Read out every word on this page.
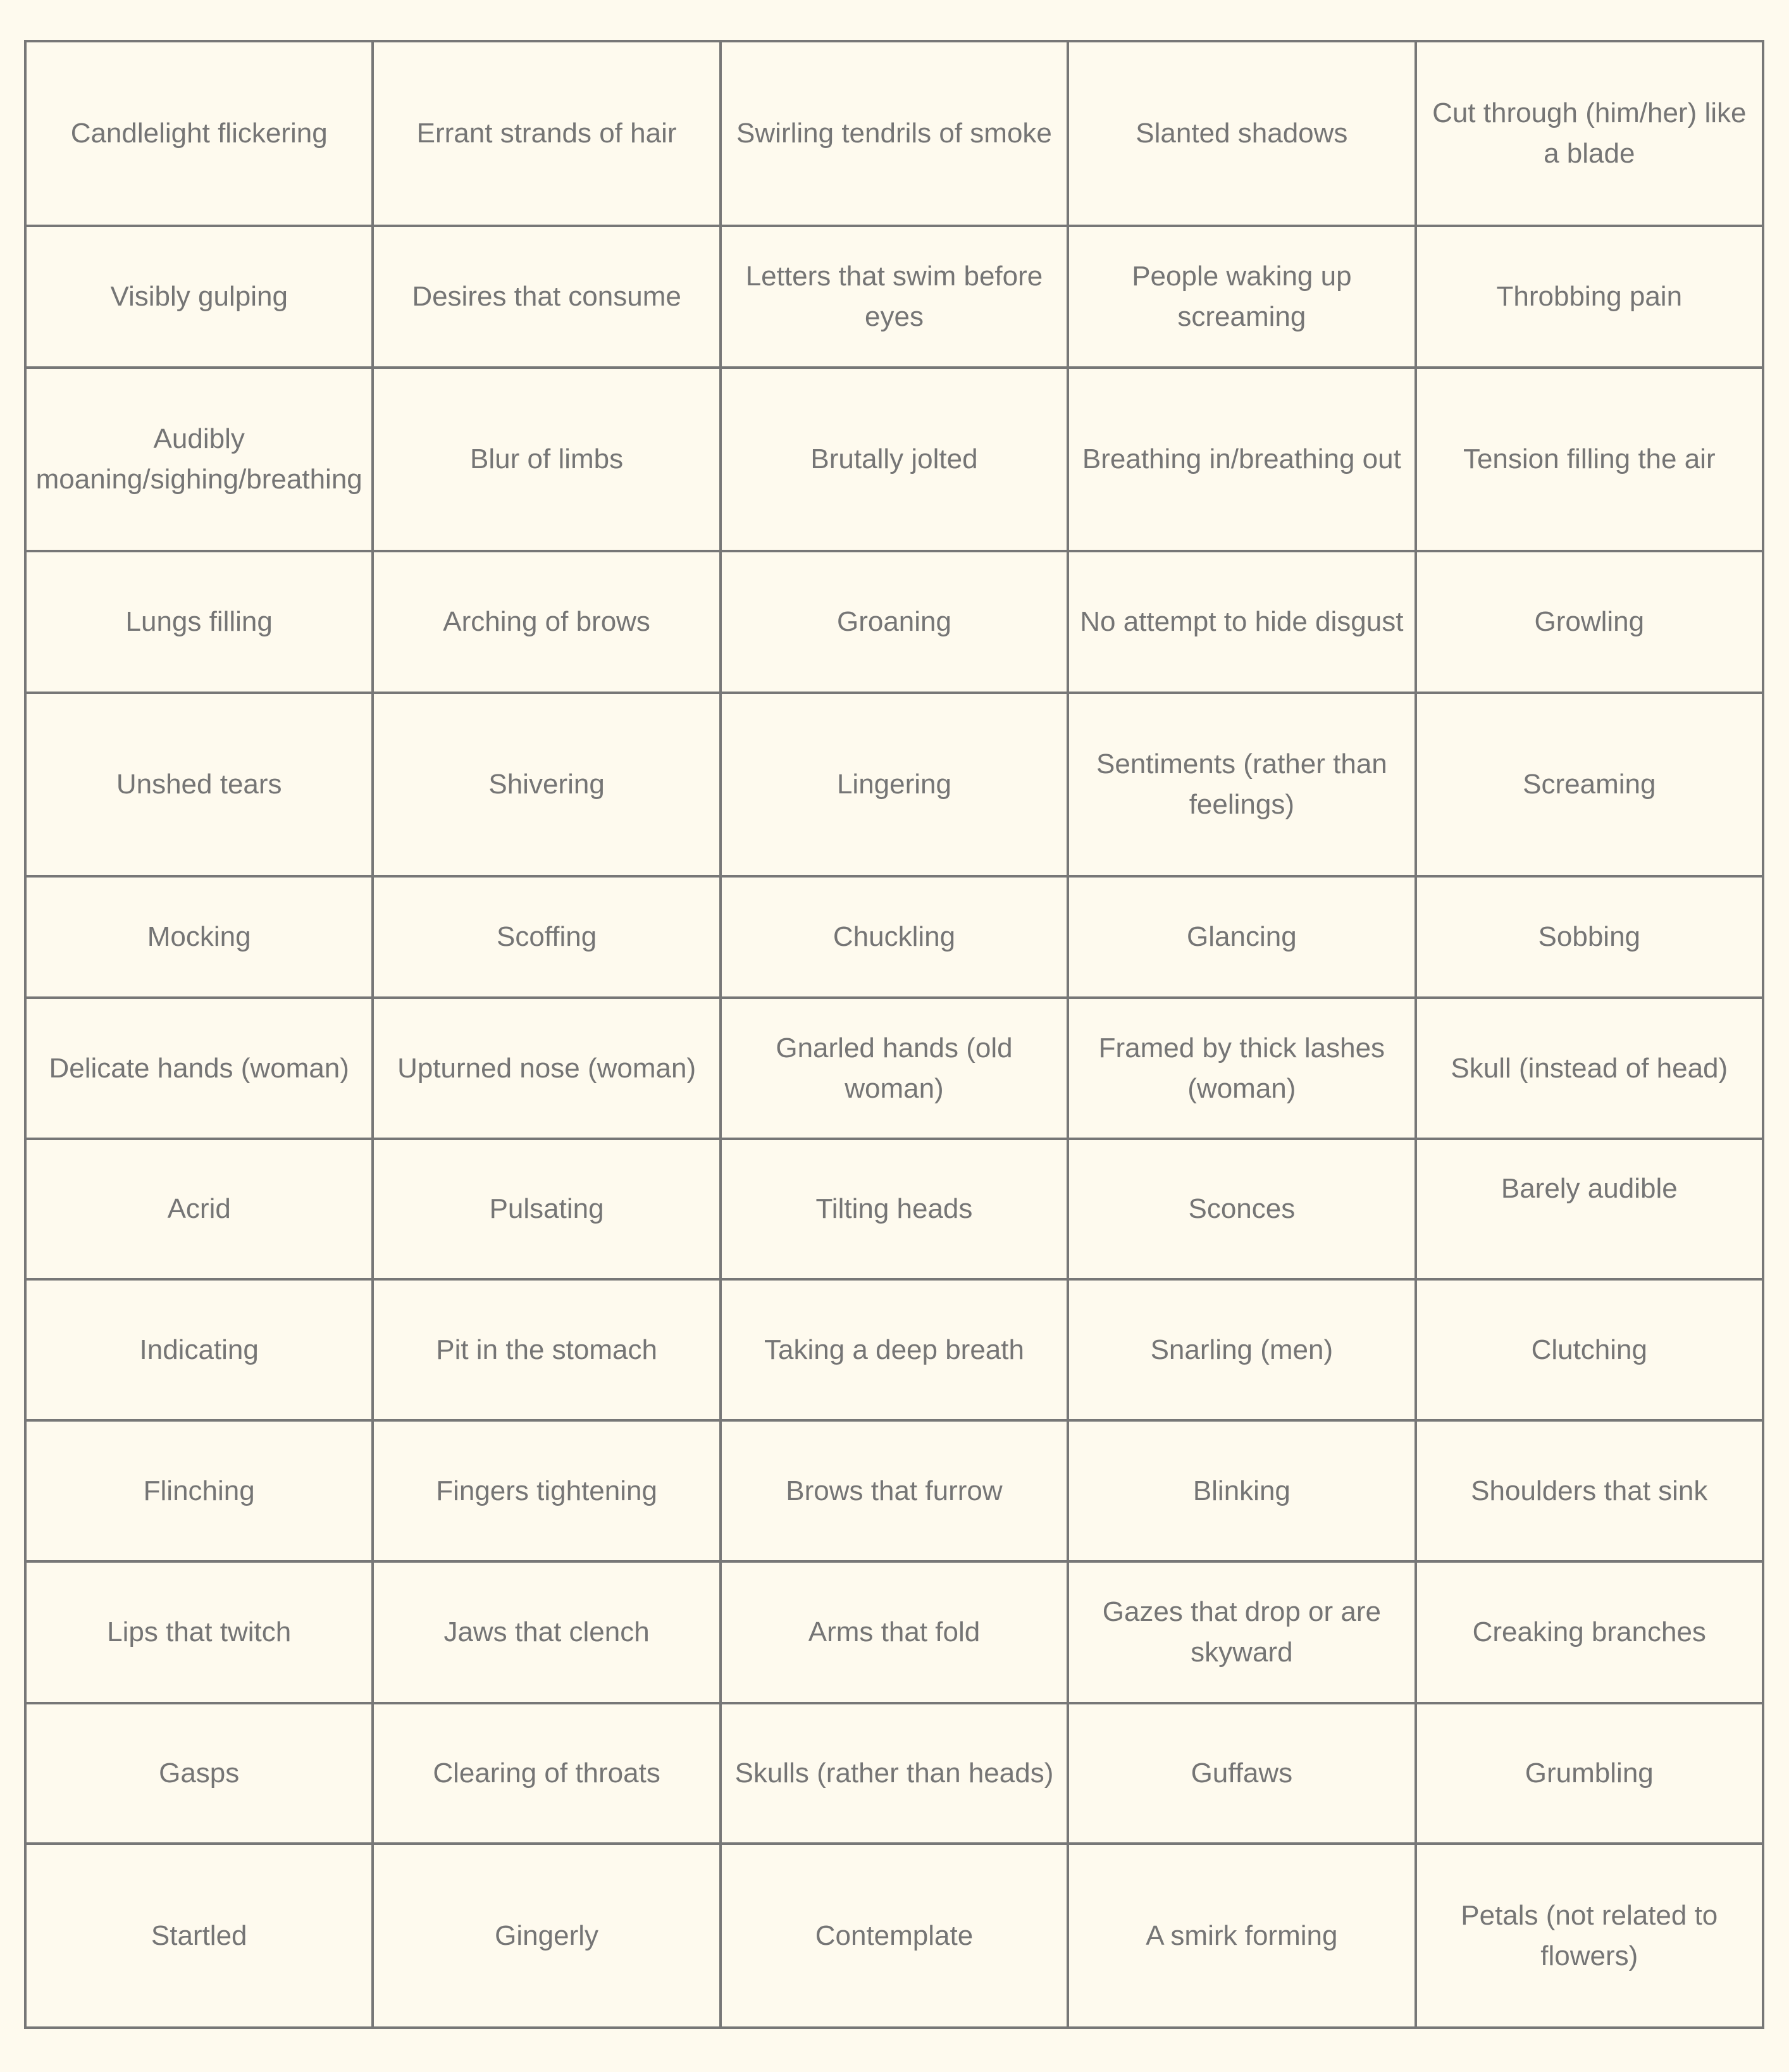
Candlelight flickering	Errant strands of hair	Swirling tendrils of smoke	Slanted shadows	Cut through (him/her) like a blade
Visibly gulping	Desires that consume	Letters that swim before eyes	People waking up screaming	Throbbing pain
Audibly moaning/sighing/breathing	Blur of limbs	Brutally jolted	Breathing in/breathing out	Tension filling the air
Lungs filling	Arching of brows	Groaning	No attempt to hide disgust	Growling
Unshed tears	Shivering	Lingering	Sentiments (rather than feelings)	Screaming
Mocking	Scoffing	Chuckling	Glancing	Sobbing
Delicate hands (woman)	Upturned nose (woman)	Gnarled hands (old woman)	Framed by thick lashes (woman)	Skull (instead of head)
Acrid	Pulsating	Tilting heads	Sconces	Barely audible

Indicating	Pit in the stomach	Taking a deep breath	Snarling (men)	Clutching
Flinching	Fingers tightening	Brows that furrow	Blinking	Shoulders that sink
Lips that twitch	Jaws that clench	Arms that fold	Gazes that drop or are skyward	Creaking branches
Gasps	Clearing of throats	Skulls (rather than heads)	Guffaws	Grumbling
Startled	Gingerly	Contemplate	A smirk forming	Petals (not related to flowers)
